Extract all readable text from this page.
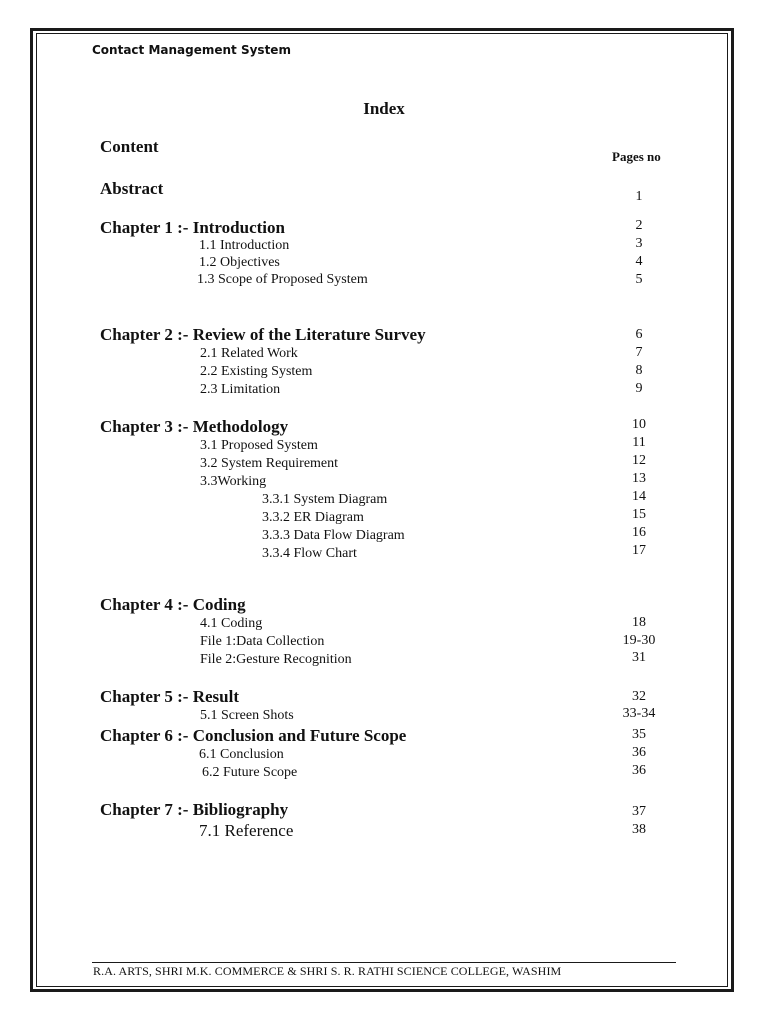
Contact Management System
Index
Content
Pages no
Abstract	1
Chapter 1 :- Introduction	2
1.1 Introduction	3
1.2 Objectives	4
1.3 Scope of Proposed System	5
Chapter 2 :- Review of the Literature Survey	6
2.1 Related Work	7
2.2 Existing System	8
2.3 Limitation	9
Chapter 3 :- Methodology	10
3.1 Proposed System	11
3.2 System Requirement	12
3.3Working	13
3.3.1 System Diagram	14
3.3.2 ER Diagram	15
3.3.3 Data Flow Diagram	16
3.3.4 Flow Chart	17
Chapter 4 :- Coding
4.1 Coding	18
File 1:Data Collection	19-30
File 2:Gesture Recognition	31
Chapter 5 :- Result	32
5.1 Screen Shots	33-34
Chapter 6 :- Conclusion and Future Scope	35
6.1 Conclusion	36
6.2 Future Scope	36
Chapter 7 :- Bibliography	37
7.1 Reference	38
R.A. ARTS, SHRI M.K. COMMERCE & SHRI S. R. RATHI SCIENCE COLLEGE, WASHIM
